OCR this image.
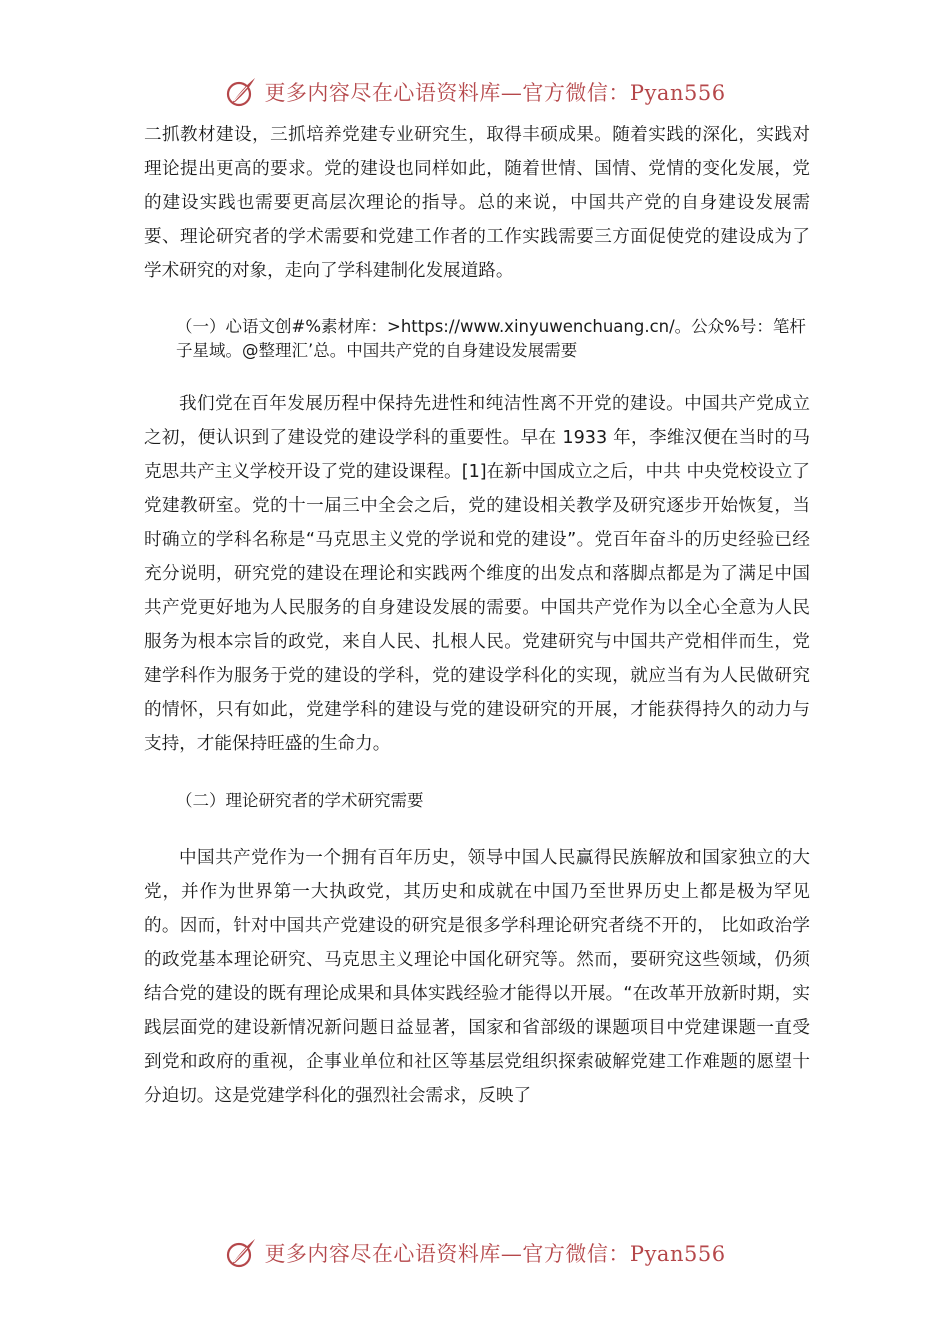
更多内容尽在心语资料库—官方微信：Pyan556

二抓教材建设，三抓培养党建专业研究生，取得丰硕成果。随着实践的深化，实践对理论提出更高的要求。党的建设也同样如此，随着世情、国情、党情的变化发展，党的建设实践也需要更高层次理论的指导。总的来说，中国共产党的自身建设发展需要、理论研究者的学术需要和党建工作者的工作实践需要三方面促使党的建设成为了学术研究的对象，走向了学科建制化发展道路。

（一）心语文创#%素材库：>https://www.xinyuwenchuang.cn/。公众%号：笔杆子星域。@整理汇’总。中国共产党的自身建设发展需要

我们党在百年发展历程中保持先进性和纯洁性离不开党的建设。中国共产党成立之初，便认识到了建设党的建设学科的重要性。早在 1933 年，李维汉便在当时的马克思共产主义学校开设了党的建设课程。[1]在新中国成立之后，中共 中央党校设立了党建教研室。党的十一届三中全会之后，党的建设相关教学及研究逐步开始恢复，当时确立的学科名称是“马克思主义党的学说和党的建设”。党百年奋斗的历史经验已经充分说明，研究党的建设在理论和实践两个维度的出发点和落脚点都是为了满足中国共产党更好地为人民服务的自身建设发展的需要。中国共产党作为以全心全意为人民服务为根本宗旨的政党，来自人民、扎根人民。党建研究与中国共产党相伴而生，党建学科作为服务于党的建设的学科，党的建设学科化的实现，就应当有为人民做研究的情怀，只有如此，党建学科的建设与党的建设研究的开展，才能获得持久的动力与支持，才能保持旺盛的生命力。

（二）理论研究者的学术研究需要

中国共产党作为一个拥有百年历史，领导中国人民赢得民族解放和国家独立的大党，并作为世界第一大执政党，其历史和成就在中国乃至世界历史上都是极为罕见的。因而，针对中国共产党建设的研究是很多学科理论研究者绕不开的， 比如政治学的政党基本理论研究、马克思主义理论中国化研究等。然而，要研究这些领域，仍须结合党的建设的既有理论成果和具体实践经验才能得以开展。“在改革开放新时期，实践层面党的建设新情况新问题日益显著，国家和省部级的课题项目中党建课题一直受到党和政府的重视，企事业单位和社区等基层党组织探索破解党建工作难题的愿望十分迫切。这是党建学科化的强烈社会需求，反映了

更多内容尽在心语资料库—官方微信：Pyan556
